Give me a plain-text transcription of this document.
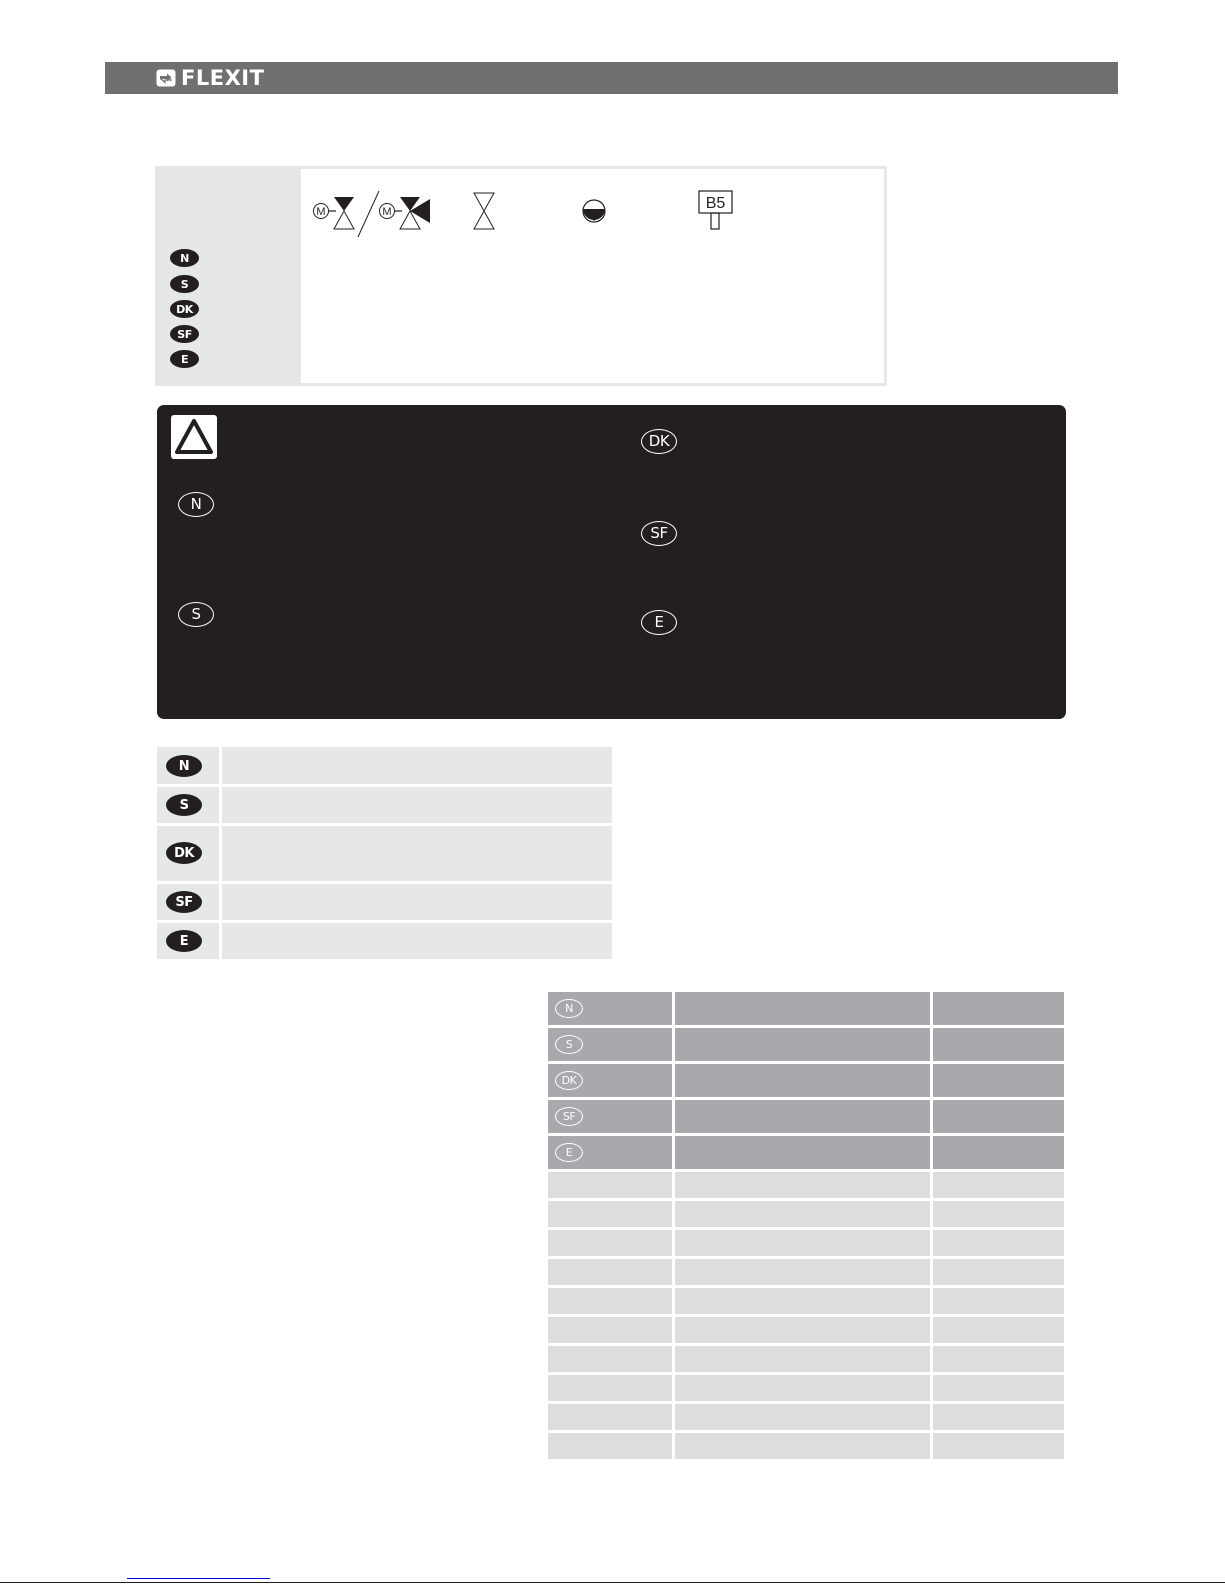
FLEXIT
M	M	B5
N
S
DK
SF
E
N
S
DK
SF
E
N
S
DK
SF
E
N
S
DK
SF
E
